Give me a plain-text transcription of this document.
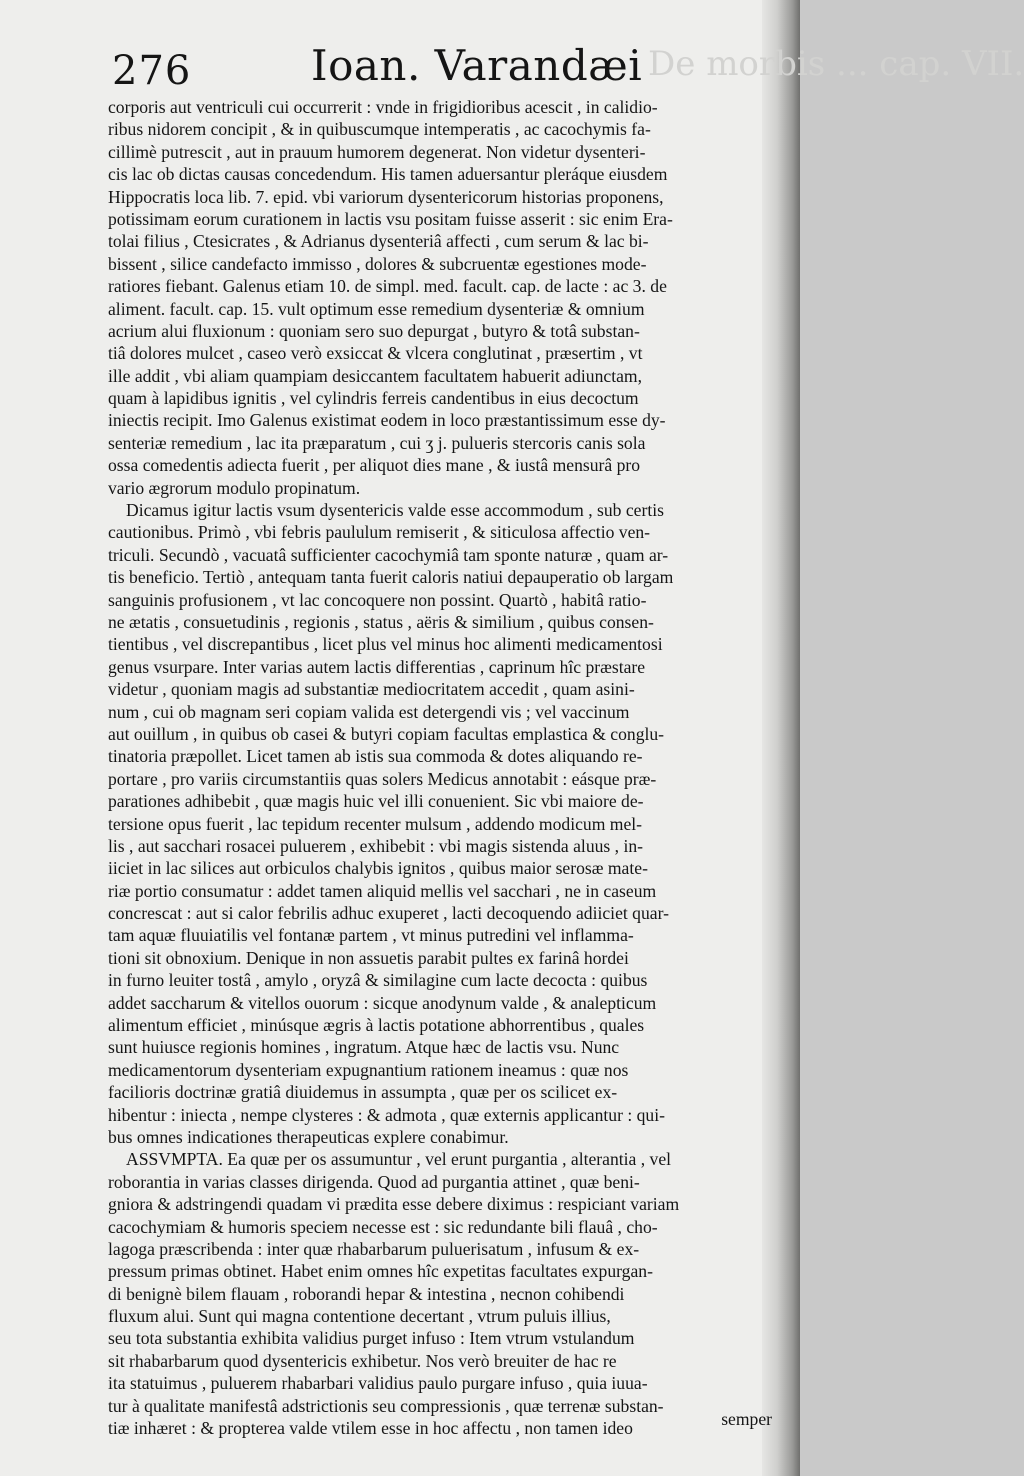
276	Ioan. Varandæi De morbis ... cap. VII.
corporis aut ventriculi cui occurrerit : vnde in frigidioribus acescit , in calidio-
ribus nidorem concipit , & in quibuscumque intemperatis , ac cacochymis fa-
cillimè putrescit , aut in prauum humorem degenerat. Non videtur dysenteri-
cis lac ob dictas causas concedendum. His tamen aduersantur pleráque eiusdem
Hippocratis loca lib. 7. epid. vbi variorum dysentericorum historias proponens,
potissimam eorum curationem in lactis vsu positam fuisse asserit : sic enim Era-
tolai filius , Ctesicrates , & Adrianus dysenteriâ affecti , cum serum & lac bi-
bissent , silice candefacto immisso , dolores & subcruentæ egestiones mode-
ratiores fiebant. Galenus etiam 10. de simpl. med. facult. cap. de lacte : ac 3. de
aliment. facult. cap. 15. vult optimum esse remedium dysenteriæ & omnium
acrium alui fluxionum : quoniam sero suo depurgat , butyro & totâ substan-
tiâ dolores mulcet , caseo verò exsiccat & vlcera conglutinat , præsertim , vt
ille addit , vbi aliam quampiam desiccantem facultatem habuerit adiunctam,
quam à lapidibus ignitis , vel cylindris ferreis candentibus in eius decoctum
iniectis recipit. Imo Galenus existimat eodem in loco præstantissimum esse dy-
senteriæ remedium , lac ita præparatum , cui ʒ j. pulueris stercoris canis sola
ossa comedentis adiecta fuerit , per aliquot dies mane , & iustâ mensurâ pro
vario ægrorum modulo propinatum.
Dicamus igitur lactis vsum dysentericis valde esse accommodum , sub certis
cautionibus. Primò , vbi febris paululum remiserit , & siticulosa affectio ven-
triculi. Secundò , vacuatâ sufficienter cacochymiâ tam sponte naturæ , quam ar-
tis beneficio. Tertiò , antequam tanta fuerit caloris natiui depauperatio ob largam
sanguinis profusionem , vt lac concoquere non possint. Quartò , habitâ ratio-
ne ætatis , consuetudinis , regionis , status , aëris & similium , quibus consen-
tientibus , vel discrepantibus , licet plus vel minus hoc alimenti medicamentosi
genus vsurpare. Inter varias autem lactis differentias , caprinum hîc præstare
videtur , quoniam magis ad substantiæ mediocritatem accedit , quam asini-
num , cui ob magnam seri copiam valida est detergendi vis ; vel vaccinum
aut ouillum , in quibus ob casei & butyri copiam facultas emplastica & conglu-
tinatoria præpollet. Licet tamen ab istis sua commoda & dotes aliquando re-
portare , pro variis circumstantiis quas solers Medicus annotabit : eásque præ-
parationes adhibebit , quæ magis huic vel illi conuenient. Sic vbi maiore de-
tersione opus fuerit , lac tepidum recenter mulsum , addendo modicum mel-
lis , aut sacchari rosacei puluerem , exhibebit : vbi magis sistenda aluus , in-
iiciet in lac silices aut orbiculos chalybis ignitos , quibus maior serosæ mate-
riæ portio consumatur : addet tamen aliquid mellis vel sacchari , ne in caseum
concrescat : aut si calor febrilis adhuc exuperet , lacti decoquendo adiiciet quar-
tam aquæ fluuiatilis vel fontanæ partem , vt minus putredini vel inflamma-
tioni sit obnoxium. Denique in non assuetis parabit pultes ex farinâ hordei
in furno leuiter tostâ , amylo , oryzâ & similagine cum lacte decocta : quibus
addet saccharum & vitellos ouorum : sicque anodynum valde , & analepticum
alimentum efficiet , minúsque ægris à lactis potatione abhorrentibus , quales
sunt huiusce regionis homines , ingratum. Atque hæc de lactis vsu. Nunc
medicamentorum dysenteriam expugnantium rationem ineamus : quæ nos
facilioris doctrinæ gratiâ diuidemus in assumpta , quæ per os scilicet ex-
hibentur : iniecta , nempe clysteres : & admota , quæ externis applicantur : qui-
bus omnes indicationes therapeuticas explere conabimur.
ASSVMPTA. Ea quæ per os assumuntur , vel erunt purgantia , alterantia , vel
roborantia in varias classes dirigenda. Quod ad purgantia attinet , quæ beni-
gniora & adstringendi quadam vi prædita esse debere diximus : respiciant variam
cacochymiam & humoris speciem necesse est : sic redundante bili flauâ , cho-
lagoga præscribenda : inter quæ rhabarbarum puluerisatum , infusum & ex-
pressum primas obtinet. Habet enim omnes hîc expetitas facultates expurgan-
di benignè bilem flauam , roborandi hepar & intestina , necnon cohibendi
fluxum alui. Sunt qui magna contentione decertant , vtrum puluis illius,
seu tota substantia exhibita validius purget infuso : Item vtrum vstulandum
sit rhabarbarum quod dysentericis exhibetur. Nos verò breuiter de hac re
ita statuimus , puluerem rhabarbari validius paulo purgare infuso , quia iuua-
tur à qualitate manifestâ adstrictionis seu compressionis , quæ terrenæ substan-
tiæ inhæret : & propterea valde vtilem esse in hoc affectu , non tamen ideo	semper
